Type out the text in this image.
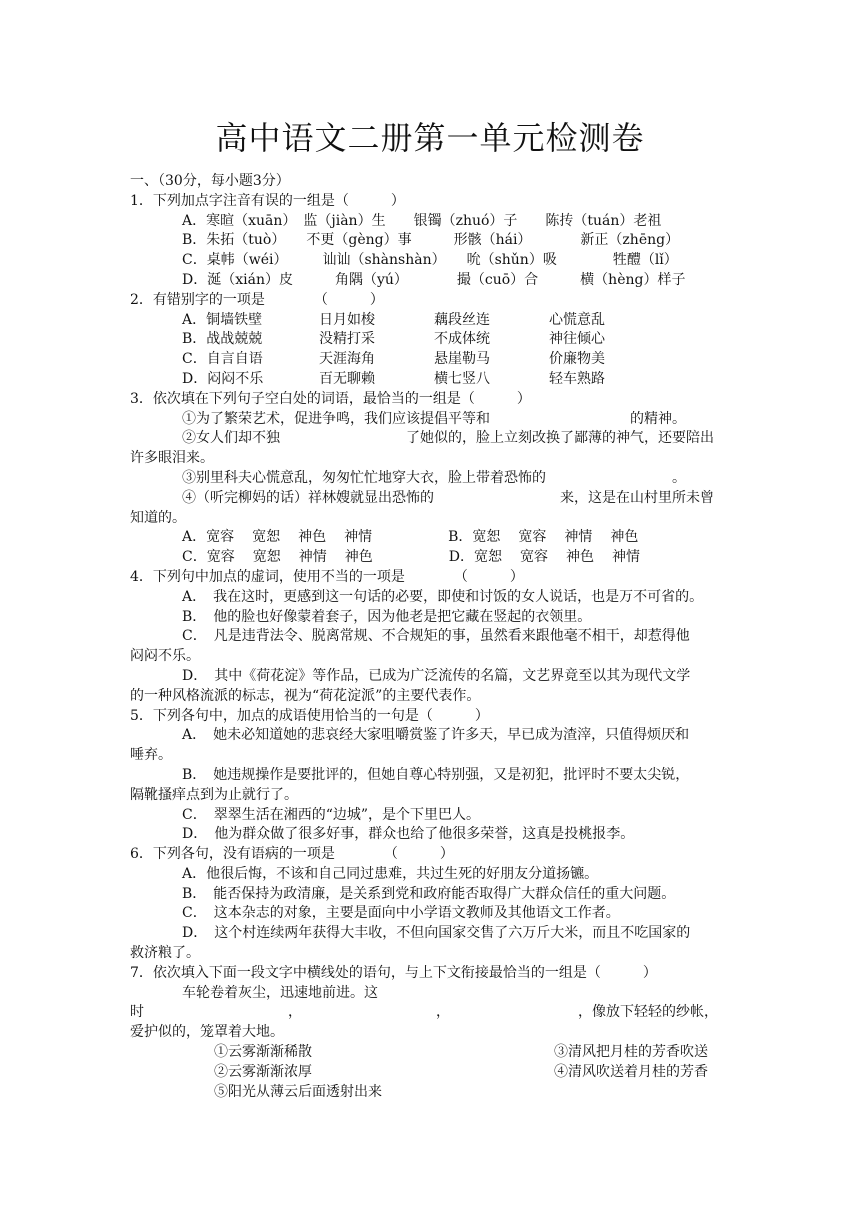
高中语文二册第一单元检测卷
一、（30分，每小题3分）
1．下列加点字注音有误的一组是（　　　）
A．寒暄（xuān）　监（jiàn）生　　银镯（zhuó）子　　陈抟（tuán）老祖
B．朱拓（tuò）　　不更（gèng）事　　　形骸（hái）　　　　新正（zhēng）
C．桌帏（wéi）　　　讪讪（shànshàn）　　吮（shǔn）吸　　　　牲醴（lǐ）
D．涎（xián）皮　　　角隅（yú）　　　　撮（cuō）合　　　横（hèng）样子
2．有错别字的一项是　　　　（　　　）
A．铜墙铁壁	日月如梭	藕段丝连	心慌意乱
B．战战兢兢	没精打采	不成体统	神往倾心
C．自言自语	天涯海角	悬崖勒马	价廉物美
D．闷闷不乐	百无聊赖	横七竖八	轻车熟路
3．依次填在下列句子空白处的词语，最恰当的一组是（　　　）
①为了繁荣艺术，促进争鸣，我们应该提倡平等和　　　　　　　　　　的精神。
②女人们却不独　　　　　　　　　了她似的，脸上立刻改换了鄙薄的神气，还要陪出
许多眼泪来。
③别里科夫心慌意乱，匆匆忙忙地穿大衣，脸上带着恐怖的　　　　　　　　　。
④（听完柳妈的话）祥林嫂就显出恐怖的　　　　　　　　　来，这是在山村里所未曾
知道的。
A．宽容 宽恕 神色 神情	B．宽恕 宽容 神情 神色
C．宽容 宽恕 神情 神色	D．宽恕 宽容 神色 神情
4．下列句中加点的虚词，使用不当的一项是　　　　（　　　）
A．　我在这时，更感到这一句话的必要，即使和讨饭的女人说话，也是万不可省的。
B．　他的脸也好像蒙着套子，因为他老是把它藏在竖起的衣领里。
C．　凡是违背法令、脱离常规、不合规矩的事，虽然看来跟他毫不相干，却惹得他
闷闷不乐。
D．　其中《荷花淀》等作品，已成为广泛流传的名篇，文艺界竟至以其为现代文学
的一种风格流派的标志，视为“荷花淀派”的主要代表作。
5．下列各句中，加点的成语使用恰当的一句是（　　　）
A．　她未必知道她的悲哀经大家咀嚼赏鉴了许多天，早已成为渣滓，只值得烦厌和
唾弃。
B．　她违规操作是要批评的，但她自尊心特别强，又是初犯，批评时不要太尖锐，
隔靴搔痒点到为止就行了。
C．　翠翠生活在湘西的“边城”，是个下里巴人。
D．　他为群众做了很多好事，群众也给了他很多荣誉，这真是投桃报李。
6．下列各句，没有语病的一项是　　　　（　　　）
A．他很后悔，不该和自己同过患难，共过生死的好朋友分道扬镳。
B．　能否保持为政清廉，是关系到党和政府能否取得广大群众信任的重大问题。
C．　这本杂志的对象，主要是面向中小学语文教师及其他语文工作者。
D．　这个村连续两年获得大丰收，不但向国家交售了六万斤大米，而且不吃国家的
救济粮了。
7．依次填入下面一段文字中横线处的语句，与上下文衔接最恰当的一组是（　　　）
车轮卷着灰尘，迅速地前进。这
时	，	，	，像放下轻轻的纱帐，
爱护似的，笼罩着大地。
①云雾渐渐稀散	③清风把月桂的芳香吹送
②云雾渐渐浓厚	④清风吹送着月桂的芳香
⑤阳光从薄云后面透射出来
